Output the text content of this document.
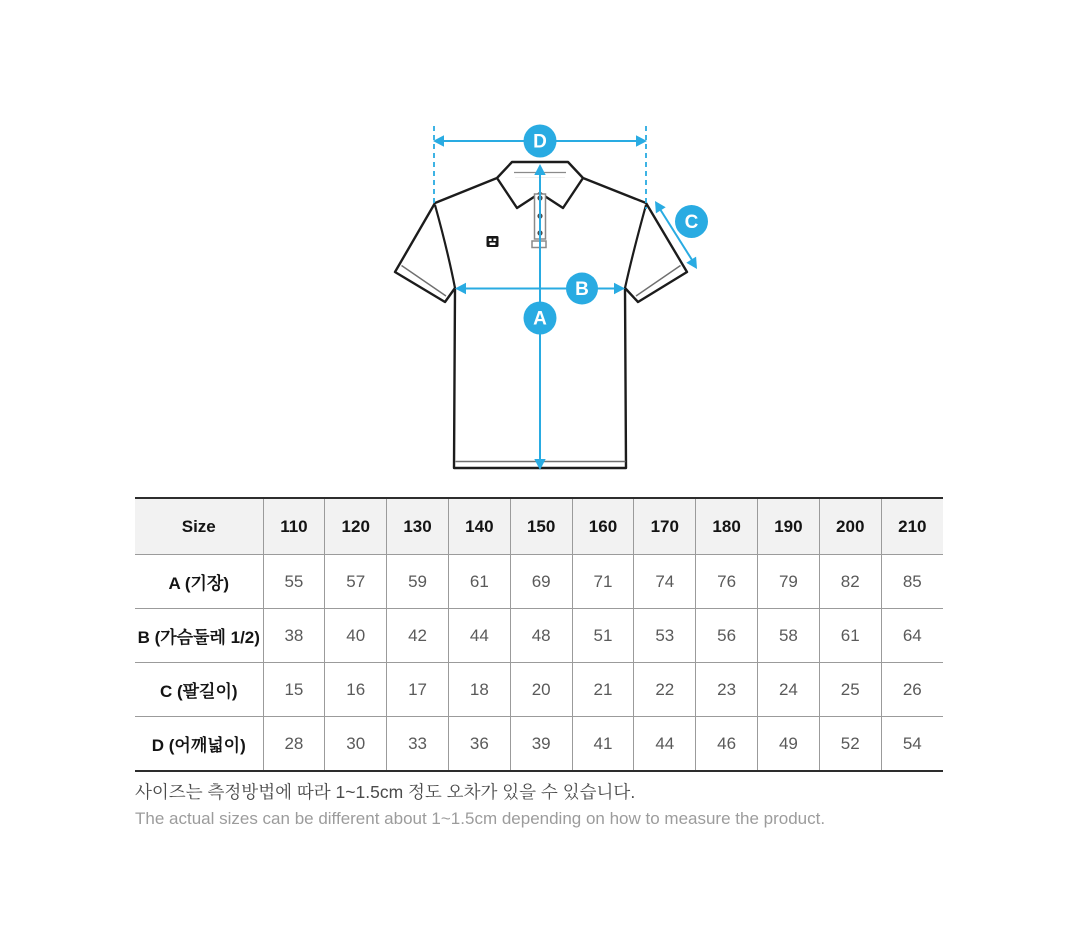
D
C
B
A
Size	110	120	130	140	150	160	170	180	190	200	210
A (기장)	55	57	59	61	69	71	74	76	79	82	85
B (가슴둘레 1/2)	38	40	42	44	48	51	53	56	58	61	64
C (팔길이)	15	16	17	18	20	21	22	23	24	25	26
D (어깨넓이)	28	30	33	36	39	41	44	46	49	52	54
사이즈는 측정방법에 따라 1~1.5cm 정도 오차가 있을 수 있습니다.
The actual sizes can be different about 1~1.5cm depending on how to measure the product.
